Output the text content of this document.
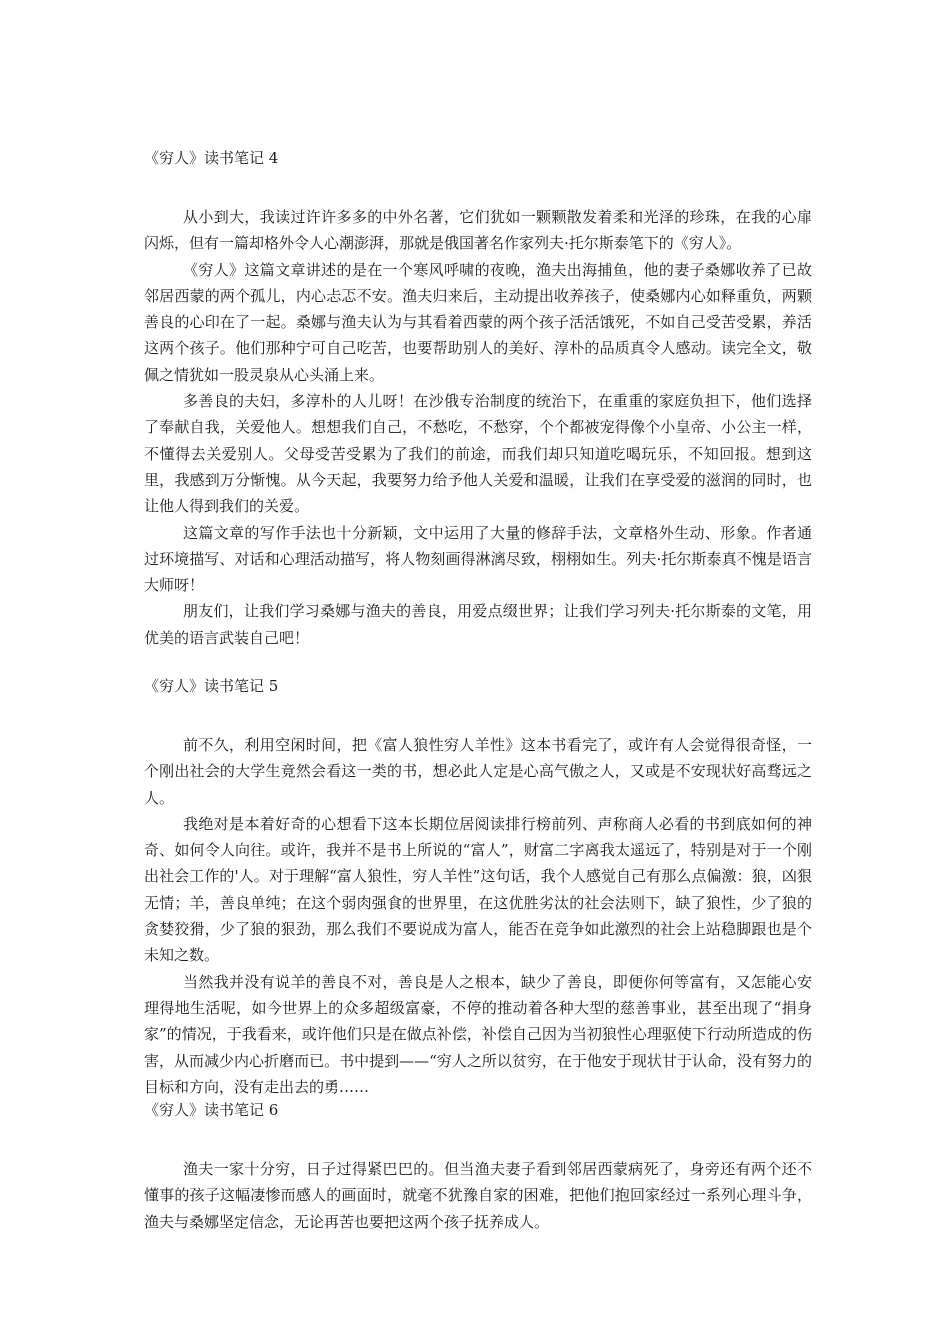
《穷人》读书笔记 4

从小到大，我读过许许多多的中外名著，它们犹如一颗颗散发着柔和光泽的珍珠，在我的心扉闪烁，但有一篇却格外令人心潮澎湃，那就是俄国著名作家列夫·托尔斯泰笔下的《穷人》。

《穷人》这篇文章讲述的是在一个寒风呼啸的夜晚，渔夫出海捕鱼，他的妻子桑娜收养了已故邻居西蒙的两个孤儿，内心忐忑不安。渔夫归来后，主动提出收养孩子，使桑娜内心如释重负，两颗善良的心印在了一起。桑娜与渔夫认为与其看着西蒙的两个孩子活活饿死，不如自己受苦受累，养活这两个孩子。他们那种宁可自己吃苦，也要帮助别人的美好、淳朴的品质真令人感动。读完全文，敬佩之情犹如一股灵泉从心头涌上来。

多善良的夫妇，多淳朴的人儿呀！在沙俄专治制度的统治下，在重重的家庭负担下，他们选择了奉献自我，关爱他人。想想我们自己，不愁吃，不愁穿，个个都被宠得像个小皇帝、小公主一样，不懂得去关爱别人。父母受苦受累为了我们的前途，而我们却只知道吃喝玩乐，不知回报。想到这里，我感到万分惭愧。从今天起，我要努力给予他人关爱和温暖，让我们在享受爱的滋润的同时，也让他人得到我们的关爱。

这篇文章的写作手法也十分新颖，文中运用了大量的修辞手法，文章格外生动、形象。作者通过环境描写、对话和心理活动描写，将人物刻画得淋漓尽致，栩栩如生。列夫·托尔斯泰真不愧是语言大师呀！

朋友们，让我们学习桑娜与渔夫的善良，用爱点缀世界；让我们学习列夫·托尔斯泰的文笔，用优美的语言武装自己吧！

《穷人》读书笔记 5

前不久，利用空闲时间，把《富人狼性穷人羊性》这本书看完了，或许有人会觉得很奇怪，一个刚出社会的大学生竟然会看这一类的书，想必此人定是心高气傲之人，又或是不安现状好高骛远之人。

我绝对是本着好奇的心想看下这本长期位居阅读排行榜前列、声称商人必看的书到底如何的神奇、如何令人向往。或许，我并不是书上所说的“富人”，财富二字离我太遥远了，特别是对于一个刚出社会工作的'人。对于理解“富人狼性，穷人羊性”这句话，我个人感觉自己有那么点偏激：狼，凶狠无情；羊，善良单纯；在这个弱肉强食的世界里，在这优胜劣汰的社会法则下，缺了狼性，少了狼的贪婪狡猾，少了狼的狠劲，那么我们不要说成为富人，能否在竞争如此激烈的社会上站稳脚跟也是个未知之数。

当然我并没有说羊的善良不对，善良是人之根本，缺少了善良，即便你何等富有，又怎能心安理得地生活呢，如今世界上的众多超级富豪，不停的推动着各种大型的慈善事业，甚至出现了“捐身家”的情况，于我看来，或许他们只是在做点补偿，补偿自己因为当初狼性心理驱使下行动所造成的伤害，从而减少内心折磨而已。书中提到——“穷人之所以贫穷，在于他安于现状甘于认命，没有努力的目标和方向，没有走出去的勇……

《穷人》读书笔记 6

渔夫一家十分穷，日子过得紧巴巴的。但当渔夫妻子看到邻居西蒙病死了，身旁还有两个还不懂事的孩子这幅凄惨而感人的画面时，就毫不犹豫自家的困难，把他们抱回家经过一系列心理斗争，渔夫与桑娜坚定信念，无论再苦也要把这两个孩子抚养成人。
